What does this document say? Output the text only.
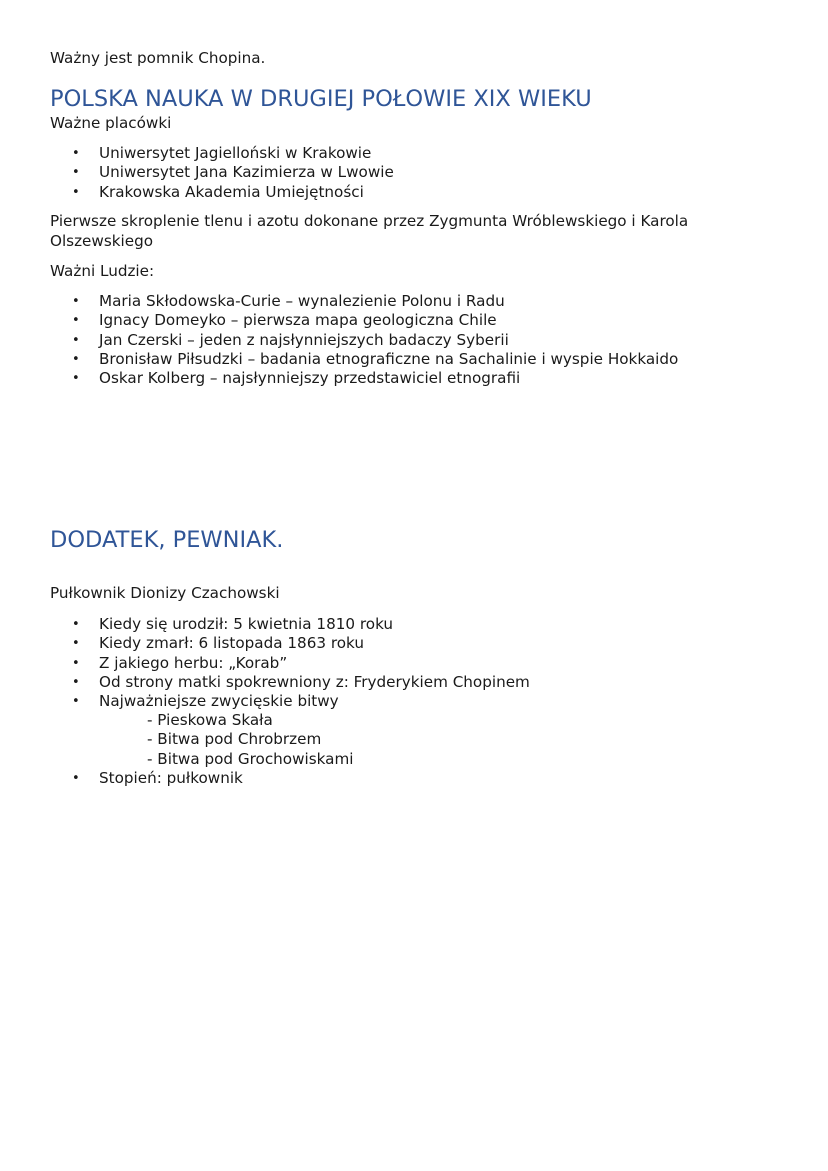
Ważny jest pomnik Chopina.
POLSKA NAUKA W DRUGIEJ POŁOWIE XIX WIEKU
Ważne placówki
• Uniwersytet Jagielloński w Krakowie
• Uniwersytet Jana Kazimierza w Lwowie
• Krakowska Akademia Umiejętności
Pierwsze skroplenie tlenu i azotu dokonane przez Zygmunta Wróblewskiego i Karola
Olszewskiego
Ważni Ludzie:
• Maria Skłodowska-Curie – wynalezienie Polonu i Radu
• Ignacy Domeyko – pierwsza mapa geologiczna Chile
• Jan Czerski – jeden z najsłynniejszych badaczy Syberii
• Bronisław Piłsudzki – badania etnograficzne na Sachalinie i wyspie Hokkaido
• Oskar Kolberg – najsłynniejszy przedstawiciel etnografii
DODATEK, PEWNIAK.
Pułkownik Dionizy Czachowski
• Kiedy się urodził: 5 kwietnia 1810 roku
• Kiedy zmarł: 6 listopada 1863 roku
• Z jakiego herbu: „Korab”
• Od strony matki spokrewniony z: Fryderykiem Chopinem
• Najważniejsze zwycięskie bitwy
- Pieskowa Skała
- Bitwa pod Chrobrzem
- Bitwa pod Grochowiskami
• Stopień: pułkownik
